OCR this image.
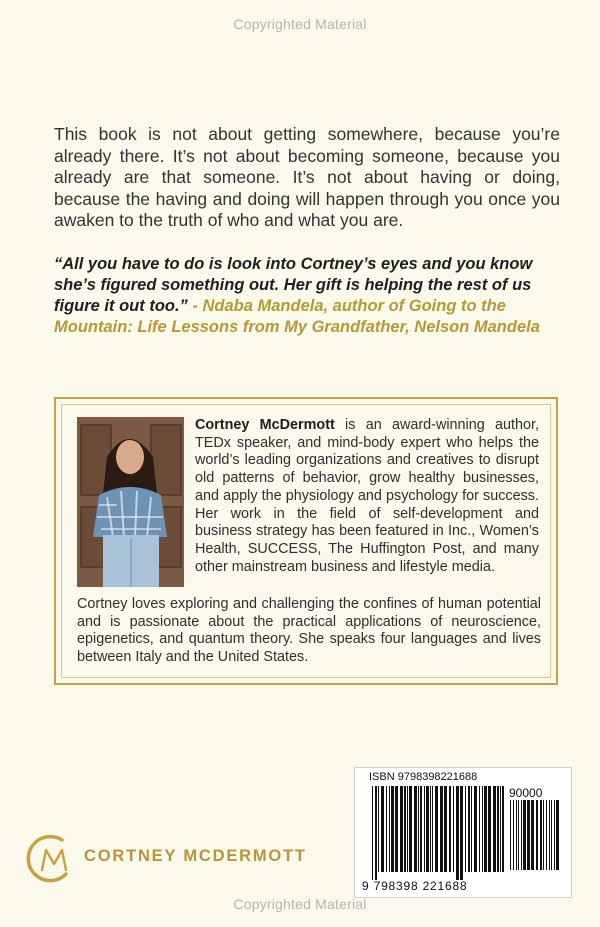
Copyrighted Material

This book is not about getting somewhere, because you’re already there. It’s not about becoming someone, because you already are that someone. It’s not about having or doing, because the having and doing will happen through you once you awaken to the truth of who and what you are.

“All you have to do is look into Cortney’s eyes and you know she’s figured something out. Her gift is helping the rest of us figure it out too.” - Ndaba Mandela, author of Going to the Mountain: Life Lessons from My Grandfather, Nelson Mandela

Cortney McDermott is an award-winning author, TEDx speaker, and mind-body expert who helps the world’s leading organizations and creatives to disrupt old patterns of behavior, grow healthy businesses, and apply the physiology and psychology for success. Her work in the field of self-development and business strategy has been featured in Inc., Women’s Health, SUCCESS, The Huffington Post, and many other mainstream business and lifestyle media.

Cortney loves exploring and challenging the confines of human potential and is passionate about the practical applications of neuroscience, epigenetics, and quantum theory. She speaks four languages and lives between Italy and the United States.

CORTNEY MCDERMOTT
ISBN 9798398221688
90000
9 798398 221688
Copyrighted Material
